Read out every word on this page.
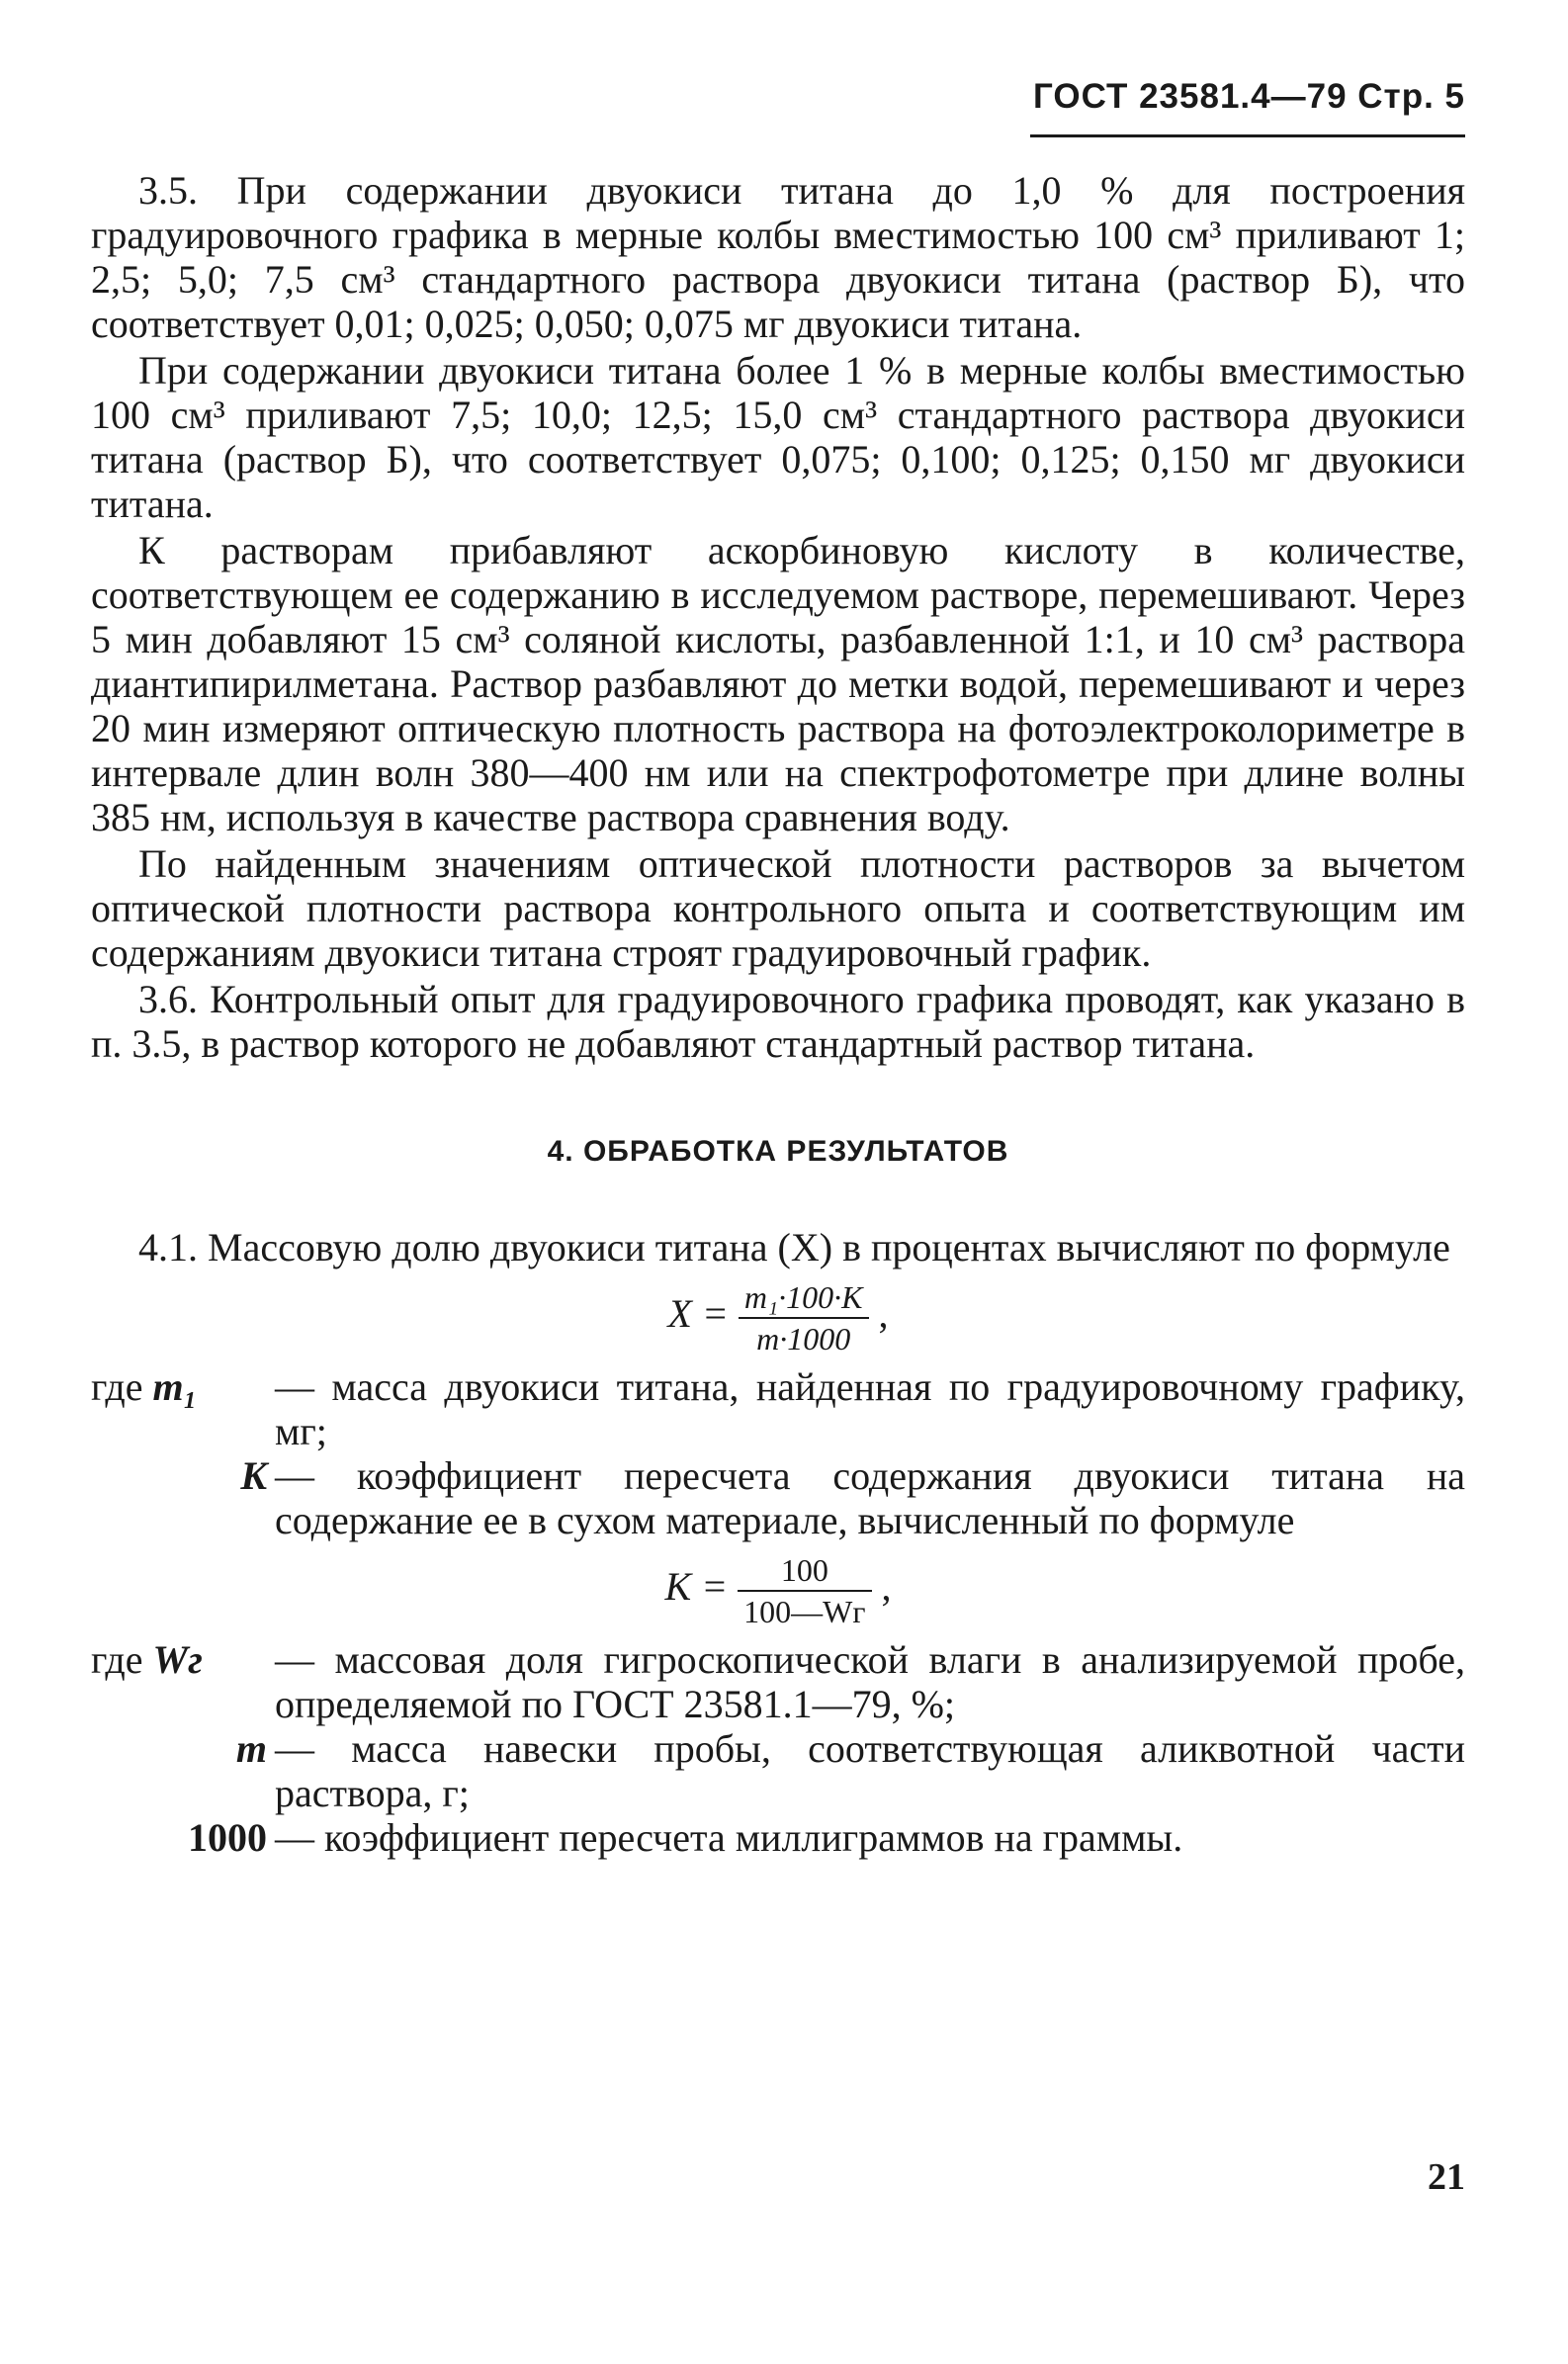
ГОСТ 23581.4—79 Стр. 5

3.5. При содержании двуокиси титана до 1,0 % для построения градуировочного графика в мерные колбы вместимостью 100 см³ приливают 1; 2,5; 5,0; 7,5 см³ стандартного раствора двуокиси титана (раствор Б), что соответствует 0,01; 0,025; 0,050; 0,075 мг двуокиси титана.

При содержании двуокиси титана более 1 % в мерные колбы вместимостью 100 см³ приливают 7,5; 10,0; 12,5; 15,0 см³ стандартного раствора двуокиси титана (раствор Б), что соответствует 0,075; 0,100; 0,125; 0,150 мг двуокиси титана.

К растворам прибавляют аскорбиновую кислоту в количестве, соответствующем ее содержанию в исследуемом растворе, перемешивают. Через 5 мин добавляют 15 см³ соляной кислоты, разбавленной 1:1, и 10 см³ раствора диантипирилметана. Раствор разбавляют до метки водой, перемешивают и через 20 мин измеряют оптическую плотность раствора на фотоэлектроколориметре в интервале длин волн 380—400 нм или на спектрофотометре при длине волны 385 нм, используя в качестве раствора сравнения воду.

По найденным значениям оптической плотности растворов за вычетом оптической плотности раствора контрольного опыта и соответствующим им содержаниям двуокиси титана строят градуировочный график.

3.6. Контрольный опыт для градуировочного графика проводят, как указано в п. 3.5, в раствор которого не добавляют стандартный раствор титана.

4. ОБРАБОТКА РЕЗУЛЬТАТОВ

4.1. Массовую долю двуокиси титана (X) в процентах вычисляют по формуле

$X = \frac{\text{m₁·100·K}}{m\cdot 1000}$ ,
где m₁	— масса двуокиси титана, найденная по градуировочному графику, мг;
K	— коэффициент пересчета содержания двуокиси титана на содержание ее в сухом материале, вычисленный по формуле
$K = \frac{100}{100—Wг}$ ,
где Wг	— массовая доля гигроскопической влаги в анализируемой пробе, определяемой по ГОСТ 23581.1—79, %;
m	— масса навески пробы, соответствующая аликвотной части раствора, г;
1000	— коэффициент пересчета миллиграммов на граммы.
21
